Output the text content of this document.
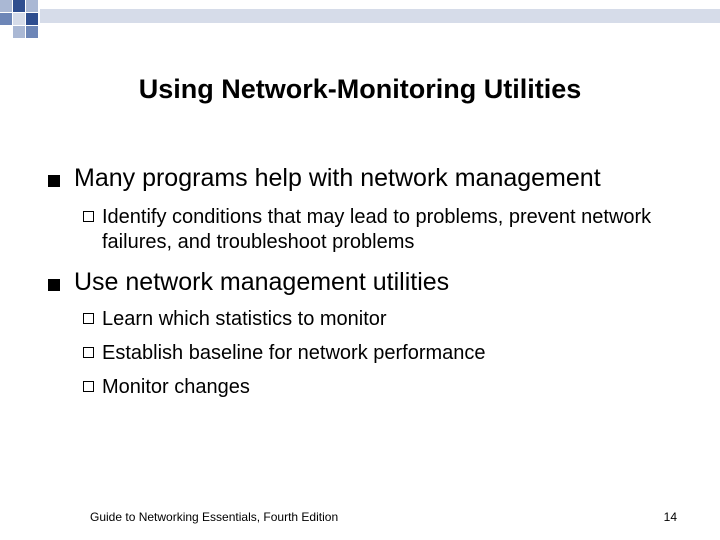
Using Network-Monitoring Utilities
Many programs help with network management
Identify conditions that may lead to problems, prevent network failures, and troubleshoot problems
Use network management utilities
Learn which statistics to monitor
Establish baseline for network performance
Monitor changes
Guide to Networking Essentials, Fourth Edition	14
